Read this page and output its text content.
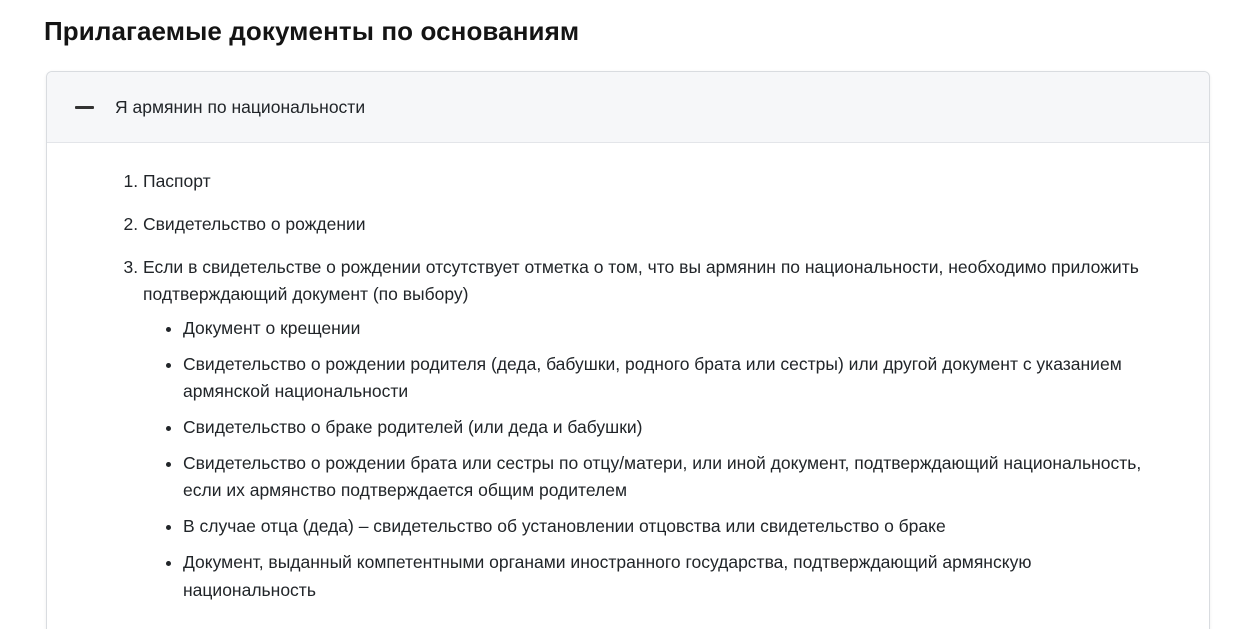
Прилагаемые документы по основаниям
Я армянин по национальности
1. Паспорт
2. Свидетельство о рождении
3. Если в свидетельстве о рождении отсутствует отметка о том, что вы армянин по национальности, необходимо приложить подтверждающий документ (по выбору)
• Документ о крещении
• Свидетельство о рождении родителя (деда, бабушки, родного брата или сестры) или другой документ с указанием армянской национальности
• Свидетельство о браке родителей (или деда и бабушки)
• Свидетельство о рождении брата или сестры по отцу/матери, или иной документ, подтверждающий национальность, если их армянство подтверждается общим родителем
• В случае отца (деда) – свидетельство об установлении отцовства или свидетельство о браке
• Документ, выданный компетентными органами иностранного государства, подтверждающий армянскую национальность
